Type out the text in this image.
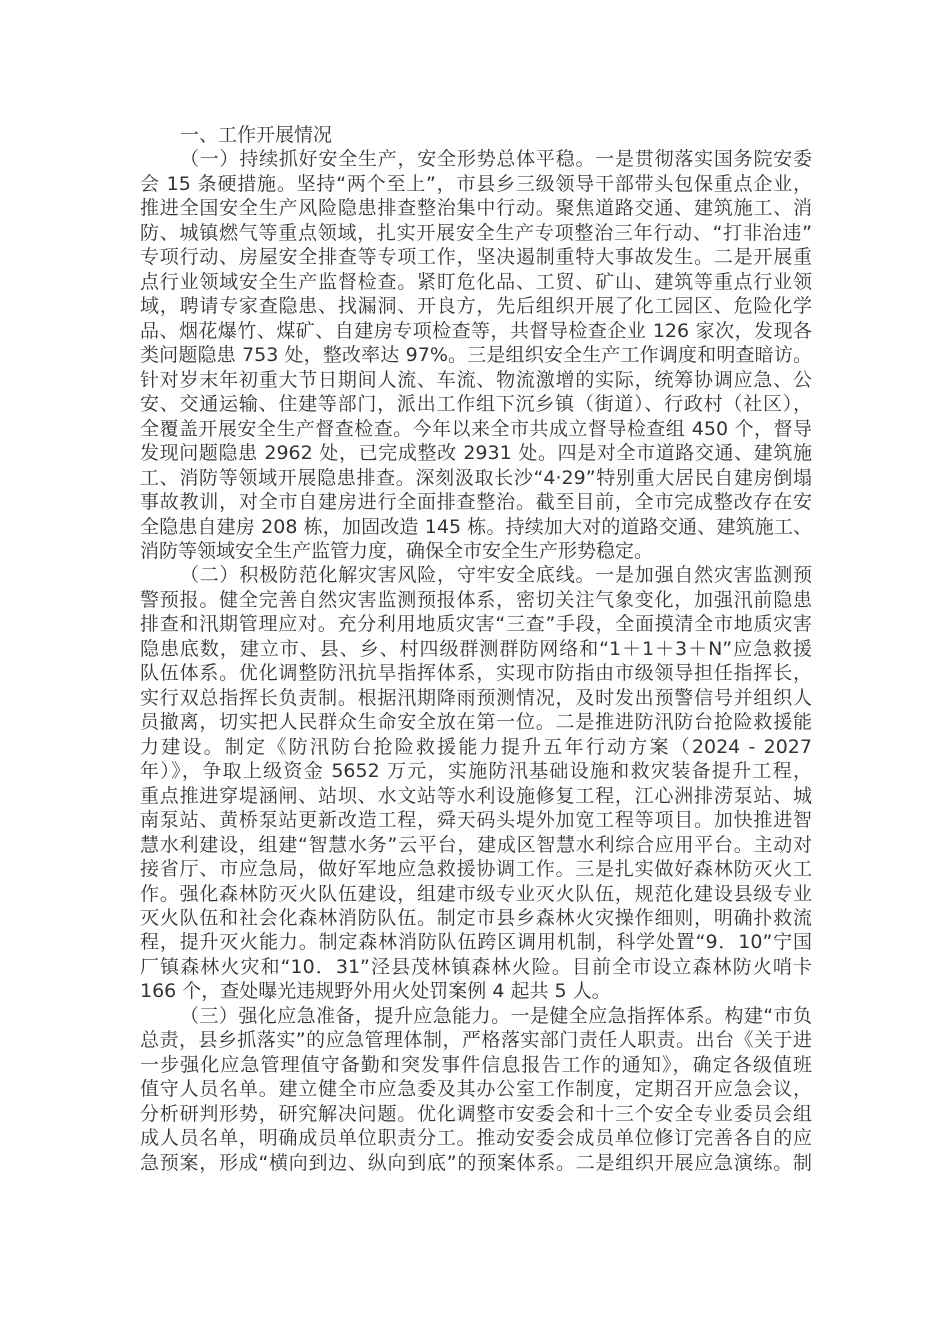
一、工作开展情况
（一）持续抓好安全生产，安全形势总体平稳。一是贯彻落实国务院安委
会 15 条硬措施。坚持“两个至上”，市县乡三级领导干部带头包保重点企业，
推进全国安全生产风险隐患排查整治集中行动。聚焦道路交通、建筑施工、消
防、城镇燃气等重点领域，扎实开展安全生产专项整治三年行动、“打非治违”
专项行动、房屋安全排查等专项工作，坚决遏制重特大事故发生。二是开展重
点行业领域安全生产监督检查。紧盯危化品、工贸、矿山、建筑等重点行业领
域，聘请专家查隐患、找漏洞、开良方，先后组织开展了化工园区、危险化学
品、烟花爆竹、煤矿、自建房专项检查等，共督导检查企业 126 家次，发现各
类问题隐患 753 处，整改率达 97%。三是组织安全生产工作调度和明查暗访。
针对岁末年初重大节日期间人流、车流、物流激增的实际，统筹协调应急、公
安、交通运输、住建等部门，派出工作组下沉乡镇（街道）、行政村（社区），
全覆盖开展安全生产督查检查。今年以来全市共成立督导检查组 450 个，督导
发现问题隐患 2962 处，已完成整改 2931 处。四是对全市道路交通、建筑施
工、消防等领域开展隐患排查。深刻汲取长沙“4·29”特别重大居民自建房倒塌
事故教训，对全市自建房进行全面排查整治。截至目前，全市完成整改存在安
全隐患自建房 208 栋，加固改造 145 栋。持续加大对的道路交通、建筑施工、
消防等领域安全生产监管力度，确保全市安全生产形势稳定。
（二）积极防范化解灾害风险，守牢安全底线。一是加强自然灾害监测预
警预报。健全完善自然灾害监测预报体系，密切关注气象变化，加强汛前隐患
排查和汛期管理应对。充分利用地质灾害“三查”手段，全面摸清全市地质灾害
隐患底数，建立市、县、乡、村四级群测群防网络和“1＋1＋3＋N”应急救援
队伍体系。优化调整防汛抗旱指挥体系，实现市防指由市级领导担任指挥长，
实行双总指挥长负责制。根据汛期降雨预测情况，及时发出预警信号并组织人
员撤离，切实把人民群众生命安全放在第一位。二是推进防汛防台抢险救援能
力建设。制定《防汛防台抢险救援能力提升五年行动方案（2024 - 2027
年）》，争取上级资金 5652 万元，实施防汛基础设施和救灾装备提升工程，
重点推进穿堤涵闸、站坝、水文站等水利设施修复工程，江心洲排涝泵站、城
南泵站、黄桥泵站更新改造工程，舜天码头堤外加宽工程等项目。加快推进智
慧水利建设，组建“智慧水务”云平台，建成区智慧水利综合应用平台。主动对
接省厅、市应急局，做好军地应急救援协调工作。三是扎实做好森林防灭火工
作。强化森林防灭火队伍建设，组建市级专业灭火队伍，规范化建设县级专业
灭火队伍和社会化森林消防队伍。制定市县乡森林火灾操作细则，明确扑救流
程，提升灭火能力。制定森林消防队伍跨区调用机制，科学处置“9．10”宁国
厂镇森林火灾和“10．31”泾县茂林镇森林火险。目前全市设立森林防火哨卡
166 个，查处曝光违规野外用火处罚案例 4 起共 5 人。
（三）强化应急准备，提升应急能力。一是健全应急指挥体系。构建“市负
总责，县乡抓落实”的应急管理体制，严格落实部门责任人职责。出台《关于进
一步强化应急管理值守备勤和突发事件信息报告工作的通知》，确定各级值班
值守人员名单。建立健全市应急委及其办公室工作制度，定期召开应急会议，
分析研判形势，研究解决问题。优化调整市安委会和十三个安全专业委员会组
成人员名单，明确成员单位职责分工。推动安委会成员单位修订完善各自的应
急预案，形成“横向到边、纵向到底”的预案体系。二是组织开展应急演练。制
